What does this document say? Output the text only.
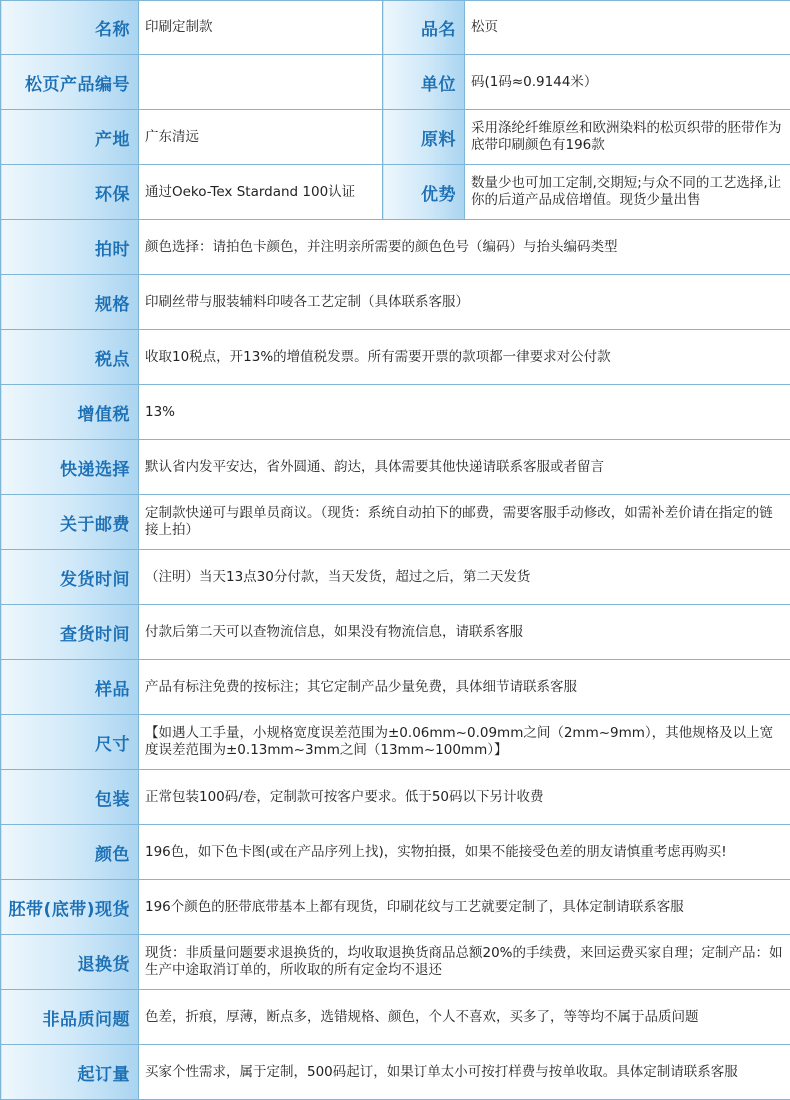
名称	印刷定制款	品名	松页
松页产品编号		单位	码(1码≈0.9144米）
产地	广东清远	原料	采用涤纶纤维原丝和欧洲染料的松页织带的胚带作为底带印刷颜色有196款
环保	通过Oeko-Tex Stardand 100认证	优势	数量少也可加工定制,交期短;与众不同的工艺选择,让你的后道产品成倍增值。现货少量出售
拍时	颜色选择：请拍色卡颜色，并注明亲所需要的颜色色号（编码）与抬头编码类型		
规格	印刷丝带与服装辅料印唛各工艺定制（具体联系客服）		
税点	收取10税点，开13%的增值税发票。所有需要开票的款项都一律要求对公付款		
增值税	13%		
快递选择	默认省内发平安达，省外圆通、韵达，具体需要其他快递请联系客服或者留言		
关于邮费	定制款快递可与跟单员商议。（现货：系统自动拍下的邮费，需要客服手动修改，如需补差价请在指定的链接上拍）		
发货时间	（注明）当天13点30分付款，当天发货，超过之后，第二天发货		
查货时间	付款后第二天可以查物流信息，如果没有物流信息，请联系客服		
样品	产品有标注免费的按标注；其它定制产品少量免费，具体细节请联系客服		
尺寸	【如遇人工手量，小规格宽度误差范围为±0.06mm~0.09mm之间（2mm~9mm），其他规格及以上宽度误差范围为±0.13mm~3mm之间（13mm~100mm）】		
包装	正常包装100码/卷，定制款可按客户要求。低于50码以下另计收费		
颜色	196色，如下色卡图(或在产品序列上找)，实物拍摄，如果不能接受色差的朋友请慎重考虑再购买!		
胚带(底带)现货	196个颜色的胚带底带基本上都有现货，印刷花纹与工艺就要定制了，具体定制请联系客服		
退换货	现货：非质量问题要求退换货的，均收取退换货商品总额20%的手续费，来回运费买家自理；定制产品：如生产中途取消订单的，所收取的所有定金均不退还		
非品质问题	色差，折痕，厚薄，断点多，选错规格、颜色，个人不喜欢，买多了，等等均不属于品质问题		
起订量	买家个性需求，属于定制，500码起订，如果订单太小可按打样费与按单收取。具体定制请联系客服		
